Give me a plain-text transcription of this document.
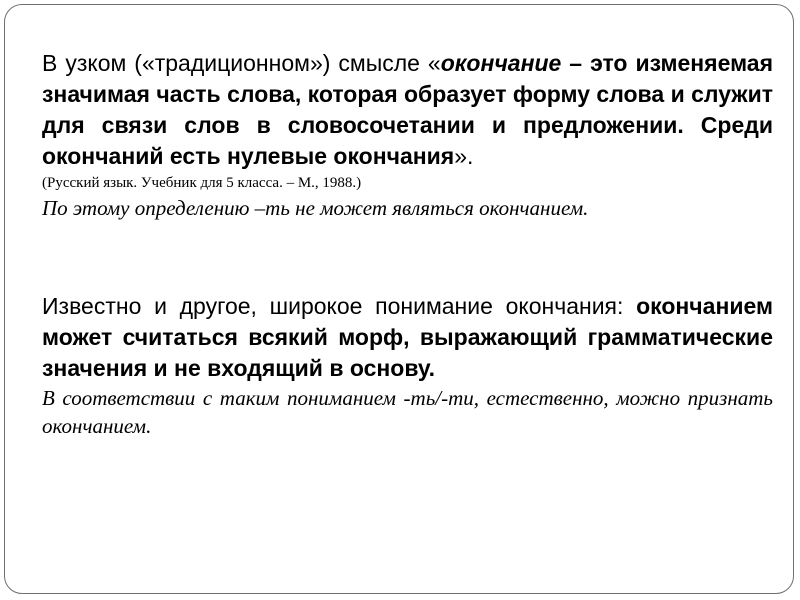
В узком («традиционном») смысле «окончание – это изменяемая значимая часть слова, которая образует форму слова и служит для связи слов в словосочетании и предложении. Среди окончаний есть нулевые окончания».

(Русский язык. Учебник для 5 класса. – М., 1988.)

По этому определению –ть не может являться окончанием.

Известно и другое, широкое понимание окончания: окончанием может считаться всякий морф, выражающий грамматические значения и не входящий в основу.

В соответствии с таким пониманием -ть/-ти, естественно, можно признать окончанием.
